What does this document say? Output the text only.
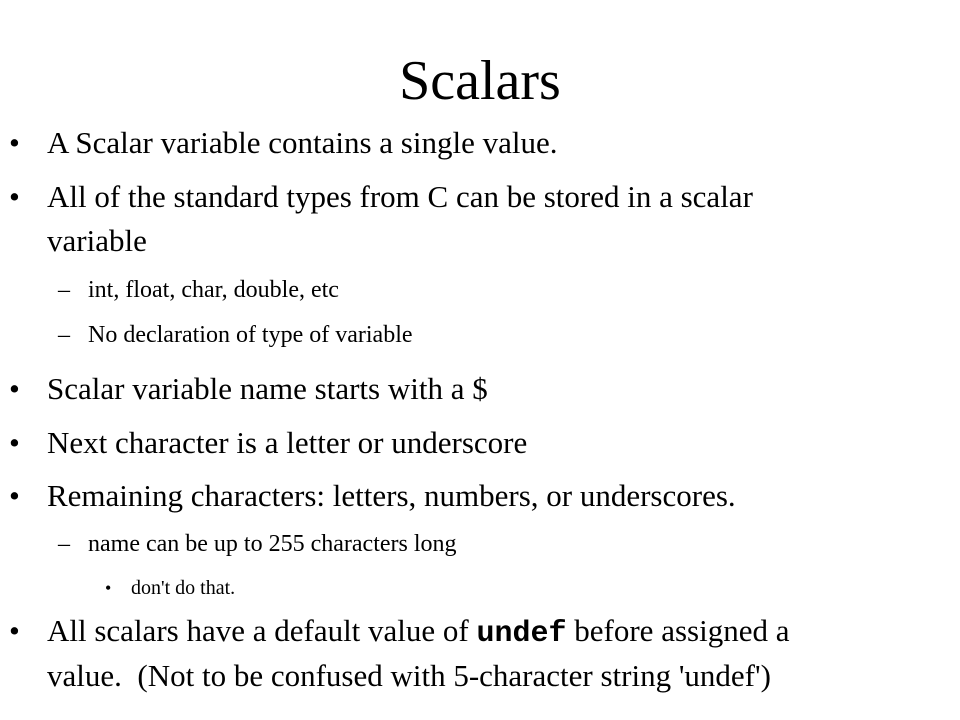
Scalars

• A Scalar variable contains a single value.

• All of the standard types from C can be stored in a scalar

variable

– int, float, char, double, etc

– No declaration of type of variable

• Scalar variable name starts with a $

• Next character is a letter or underscore

• Remaining characters: letters, numbers, or underscores.

– name can be up to 255 characters long

• don't do that.

• All scalars have a default value of undef before assigned a

value.  (Not to be confused with 5-character string 'undef')
